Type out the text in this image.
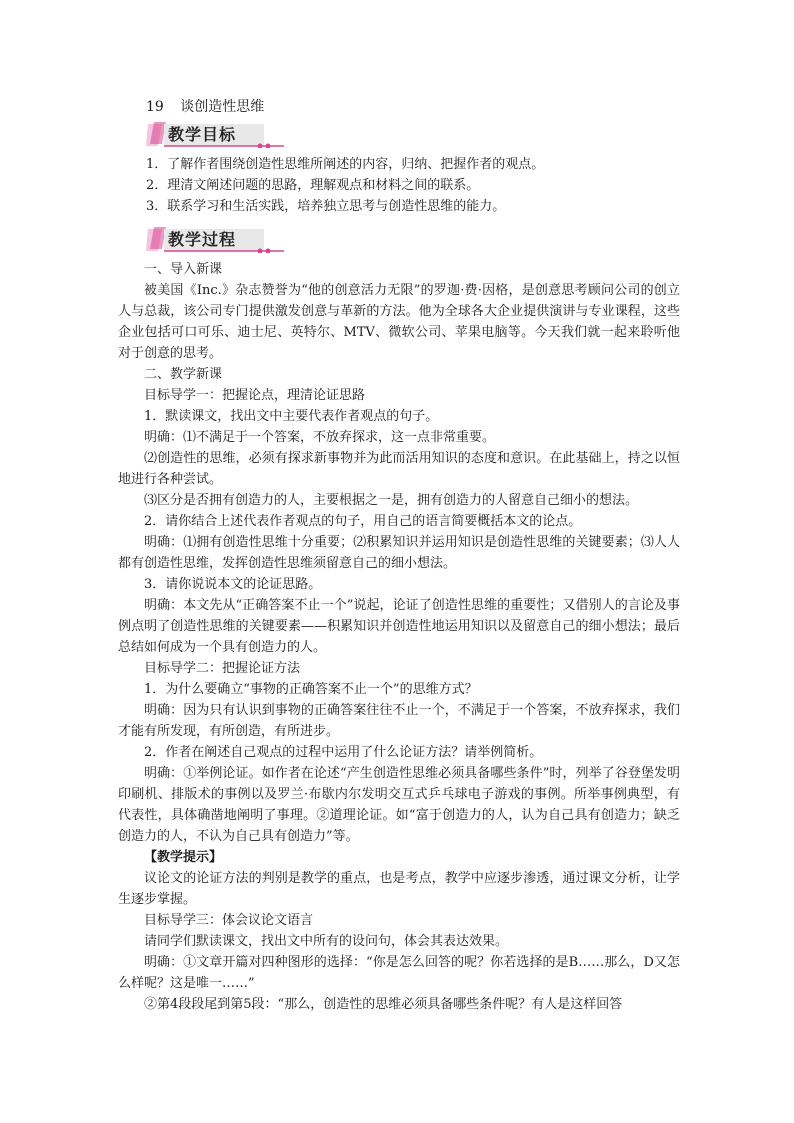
19 谈创造性思维
教学目标

1．了解作者围绕创造性思维所阐述的内容，归纳、把握作者的观点。

2．理清文阐述问题的思路，理解观点和材料之间的联系。

3．联系学习和生活实践，培养独立思考与创造性思维的能力。

教学过程

一、导入新课

被美国《Inc.》杂志赞誉为“他的创意活力无限”的罗迦·费·因格，是创意思考顾问公司的创立人与总裁，该公司专门提供激发创意与革新的方法。他为全球各大企业提供演讲与专业课程，这些企业包括可口可乐、迪士尼、英特尔、MTV、微软公司、苹果电脑等。今天我们就一起来聆听他对于创意的思考。

二、教学新课

目标导学一：把握论点，理清论证思路

1．默读课文，找出文中主要代表作者观点的句子。

明确：⑴不满足于一个答案，不放弃探求，这一点非常重要。

⑵创造性的思维，必须有探求新事物并为此而活用知识的态度和意识。在此基础上，持之以恒地进行各种尝试。

⑶区分是否拥有创造力的人，主要根据之一是，拥有创造力的人留意自己细小的想法。

2．请你结合上述代表作者观点的句子，用自己的语言简要概括本文的论点。

明确：⑴拥有创造性思维十分重要；⑵积累知识并运用知识是创造性思维的关键要素；⑶人人都有创造性思维，发挥创造性思维须留意自己的细小想法。

3．请你说说本文的论证思路。

明确：本文先从“正确答案不止一个”说起，论证了创造性思维的重要性；又借别人的言论及事例点明了创造性思维的关键要素——积累知识并创造性地运用知识以及留意自己的细小想法；最后总结如何成为一个具有创造力的人。

目标导学二：把握论证方法

1．为什么要确立“事物的正确答案不止一个”的思维方式？

明确：因为只有认识到事物的正确答案往往不止一个，不满足于一个答案，不放弃探求，我们才能有所发现，有所创造，有所进步。

2．作者在阐述自己观点的过程中运用了什么论证方法？请举例简析。

明确：①举例论证。如作者在论述“产生创造性思维必须具备哪些条件”时，列举了谷登堡发明印刷机、排版术的事例以及罗兰·布歇内尔发明交互式乒乓球电子游戏的事例。所举事例典型，有代表性，具体确凿地阐明了事理。②道理论证。如“富于创造力的人，认为自己具有创造力；缺乏创造力的人，不认为自己具有创造力”等。

【教学提示】

议论文的论证方法的判别是教学的重点，也是考点，教学中应逐步渗透，通过课文分析，让学生逐步掌握。

目标导学三：体会议论文语言

请同学们默读课文，找出文中所有的设问句，体会其表达效果。

明确：①文章开篇对四种图形的选择：“你是怎么回答的呢？你若选择的是B……那么，D又怎么样呢？这是唯一……”

②第4段段尾到第5段：“那么，创造性的思维必须具备哪些条件呢？有人是这样回答
